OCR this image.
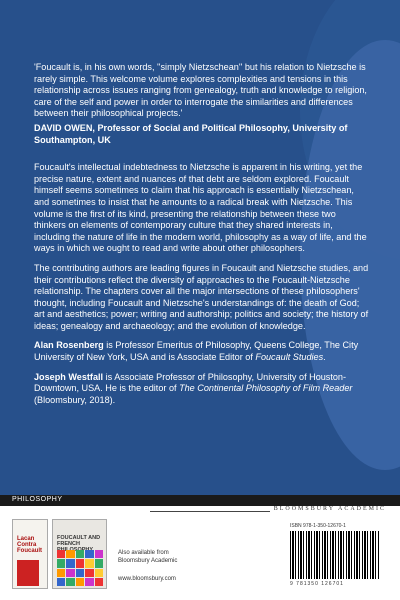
'Foucault is, in his own words, ''simply Nietzschean'' but his relation to Nietzsche is rarely simple. This welcome volume explores complexities and tensions in this relationship across issues ranging from genealogy, truth and knowledge to religion, care of the self and power in order to interrogate the similarities and differences between their philosophical projects.'

DAVID OWEN, Professor of Social and Political Philosophy, University of Southampton, UK

Foucault's intellectual indebtedness to Nietzsche is apparent in his writing, yet the precise nature, extent and nuances of that debt are seldom explored. Foucault himself seems sometimes to claim that his approach is essentially Nietzschean, and sometimes to insist that he amounts to a radical break with Nietzsche. This volume is the first of its kind, presenting the relationship between these two thinkers on elements of contemporary culture that they shared interests in, including the nature of life in the modern world, philosophy as a way of life, and the ways in which we ought to read and write about other philosophers.

The contributing authors are leading figures in Foucault and Nietzsche studies, and their contributions reflect the diversity of approaches to the Foucault-Nietzsche relationship. The chapters cover all the major intersections of these philosophers' thought, including Foucault and Nietzsche's understandings of: the death of God; art and aesthetics; power; writing and authorship; politics and society; the history of ideas; genealogy and archaeology; and the evolution of knowledge.

Alan Rosenberg is Professor Emeritus of Philosophy, Queens College, The City University of New York, USA and is Associate Editor of Foucault Studies.

Joseph Westfall is Associate Professor of Philosophy, University of Houston-Downtown, USA. He is the editor of The Continental Philosophy of Film Reader (Bloomsbury, 2018).

PHILOSOPHY
BLOOMSBURY ACADEMIC
Lacan Contra Foucault
FOUCAULT AND FRENCH
Also available from
Bloomsbury Academic
www.bloomsbury.com
ISBN 978-1-350-12670-1
9 781350 126701
